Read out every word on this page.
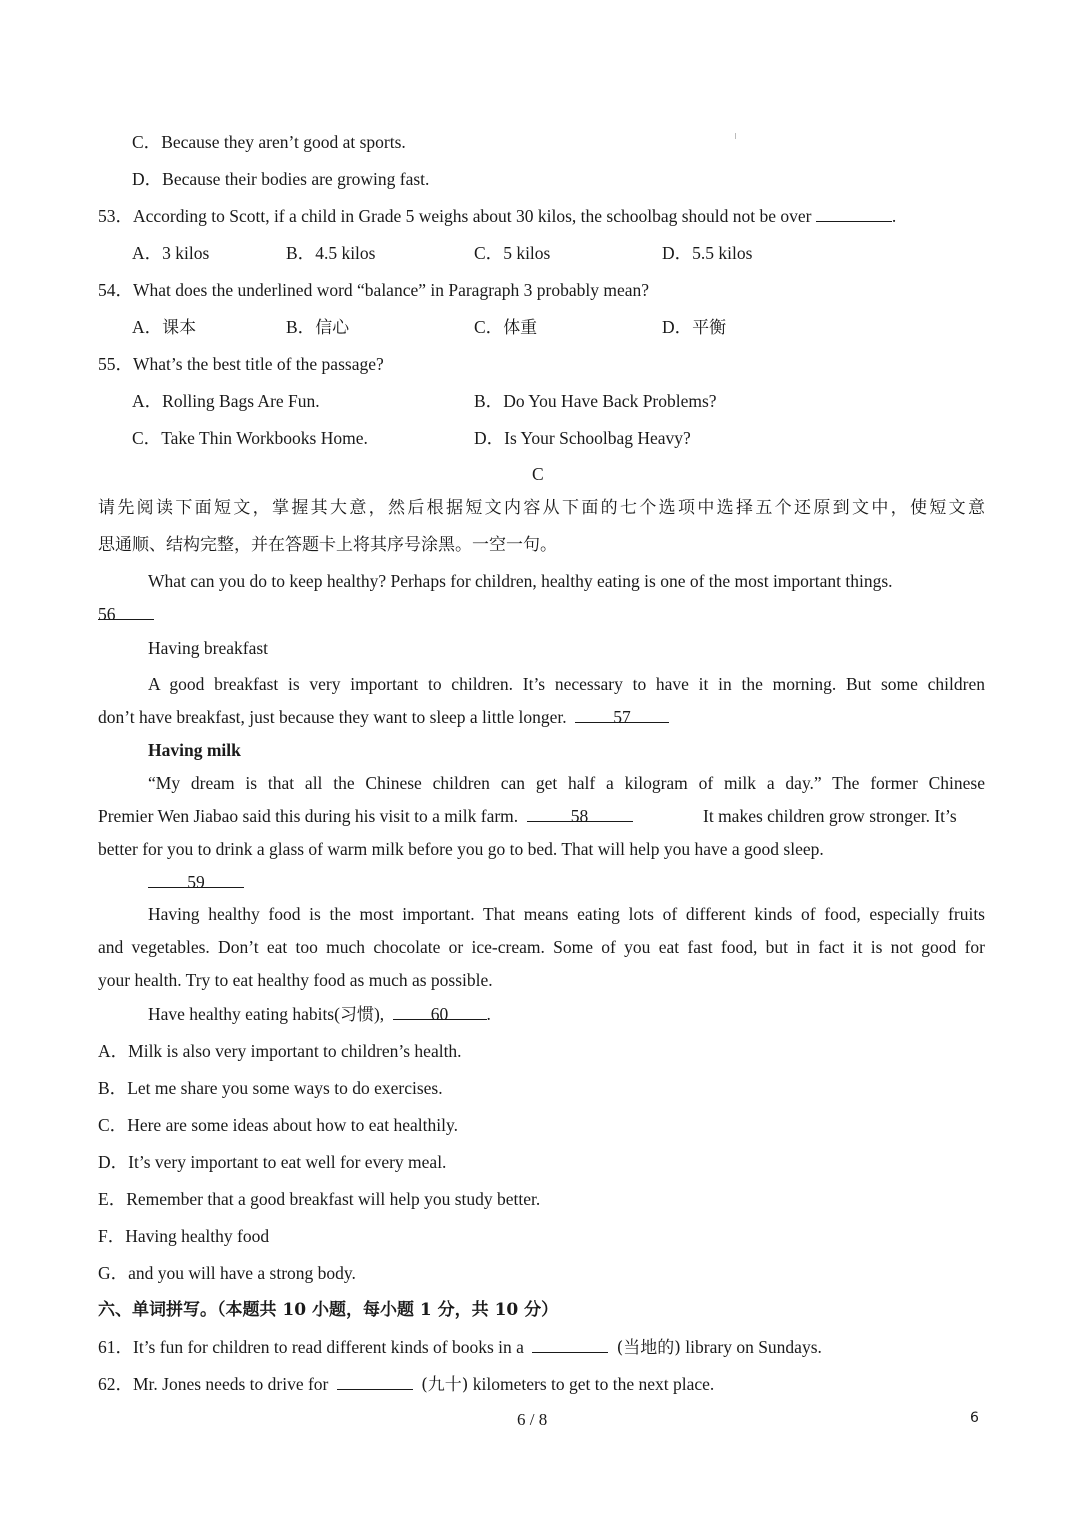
C．Because they aren’t good at sports.
D．Because their bodies are growing fast.
53．According to Scott, if a child in Grade 5 weighs about 30 kilos, the schoolbag should not be over	.
A．3 kilos	B．4.5 kilos	C．5 kilos	D．5.5 kilos
54．What does the underlined word “balance” in Paragraph 3 probably mean?
A．课本	B．信心	C．体重	D．平衡
55．What’s the best title of the passage?
A．Rolling Bags Are Fun.	B．Do You Have Back Problems?
C．Take Thin Workbooks Home.	D．Is Your Schoolbag Heavy?
C
请先阅读下面短文，掌握其大意，然后根据短文内容从下面的七个选项中选择五个还原到文中，使短文意
思通顺、结构完整，并在答题卡上将其序号涂黑。一空一句。
What can you do to keep healthy? Perhaps for children, healthy eating is one of the most important things.
56
Having breakfast
A good breakfast is very important to children. It’s necessary to have it in the morning. But some children
don’t have breakfast, just because they want to sleep a little longer.	57
Having milk
“My dream is that all the Chinese children can get half a kilogram of milk a day.” The former Chinese
Premier Wen Jiabao said this during his visit to a milk farm.	58	It makes children grow stronger. It’s
better for you to drink a glass of warm milk before you go to bed. That will help you have a good sleep.
59
Having healthy food is the most important. That means eating lots of different kinds of food, especially fruits
and vegetables. Don’t eat too much chocolate or ice-cream. Some of you eat fast food, but in fact it is not good for
your health. Try to eat healthy food as much as possible.
Have healthy eating habits(习惯),	60 .
A．Milk is also very important to children’s health.
B．Let me share you some ways to do exercises.
C．Here are some ideas about how to eat healthily.
D．It’s very important to eat well for every meal.
E．Remember that a good breakfast will help you study better.
F．Having healthy food
G．and you will have a strong body.
六、单词拼写。（本题共 10 小题，每小题 1 分，共 10 分）
61．It’s fun for children to read different kinds of books in a	(当地的) library on Sundays.
62．Mr. Jones needs to drive for	(九十) kilometers to get to the next place.
6 / 8	6
